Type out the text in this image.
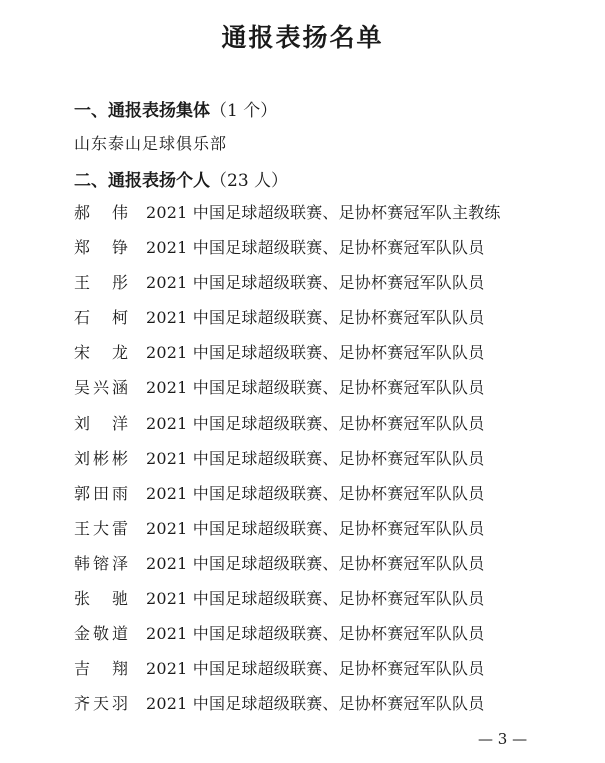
通报表扬名单
一、通报表扬集体（1 个）
山东泰山足球俱乐部
二、通报表扬个人（23 人）
郝　伟	2021 中国足球超级联赛、足协杯赛冠军队主教练
郑　铮	2021 中国足球超级联赛、足协杯赛冠军队队员
王　彤	2021 中国足球超级联赛、足协杯赛冠军队队员
石　柯	2021 中国足球超级联赛、足协杯赛冠军队队员
宋　龙	2021 中国足球超级联赛、足协杯赛冠军队队员
吴兴涵	2021 中国足球超级联赛、足协杯赛冠军队队员
刘　洋	2021 中国足球超级联赛、足协杯赛冠军队队员
刘彬彬	2021 中国足球超级联赛、足协杯赛冠军队队员
郭田雨	2021 中国足球超级联赛、足协杯赛冠军队队员
王大雷	2021 中国足球超级联赛、足协杯赛冠军队队员
韩镕泽	2021 中国足球超级联赛、足协杯赛冠军队队员
张　驰	2021 中国足球超级联赛、足协杯赛冠军队队员
金敬道	2021 中国足球超级联赛、足协杯赛冠军队队员
吉　翔	2021 中国足球超级联赛、足协杯赛冠军队队员
齐天羽	2021 中国足球超级联赛、足协杯赛冠军队队员
— 3 —
